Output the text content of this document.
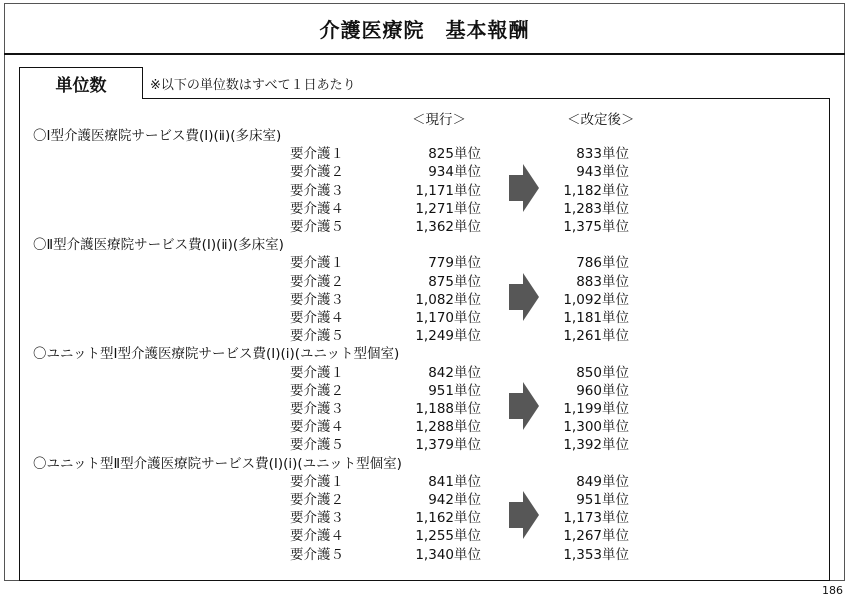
介護医療院　基本報酬
単位数	※以下の単位数はすべて１日あたり
＜現行＞	＜改定後＞
〇Ⅰ型介護医療院サービス費(Ⅰ)(ⅱ)(多床室)
要介護１	825単位	833単位
要介護２	934単位	943単位
要介護３	1,171単位	1,182単位
要介護４	1,271単位	1,283単位
要介護５	1,362単位	1,375単位
〇Ⅱ型介護医療院サービス費(Ⅰ)(ⅱ)(多床室)
要介護１	779単位	786単位
要介護２	875単位	883単位
要介護３	1,082単位	1,092単位
要介護４	1,170単位	1,181単位
要介護５	1,249単位	1,261単位
〇ユニット型Ⅰ型介護医療院サービス費(Ⅰ)(ⅰ)(ユニット型個室)
要介護１	842単位	850単位
要介護２	951単位	960単位
要介護３	1,188単位	1,199単位
要介護４	1,288単位	1,300単位
要介護５	1,379単位	1,392単位
〇ユニット型Ⅱ型介護医療院サービス費(Ⅰ)(ⅰ)(ユニット型個室)
要介護１	841単位	849単位
要介護２	942単位	951単位
要介護３	1,162単位	1,173単位
要介護４	1,255単位	1,267単位
要介護５	1,340単位	1,353単位
186
